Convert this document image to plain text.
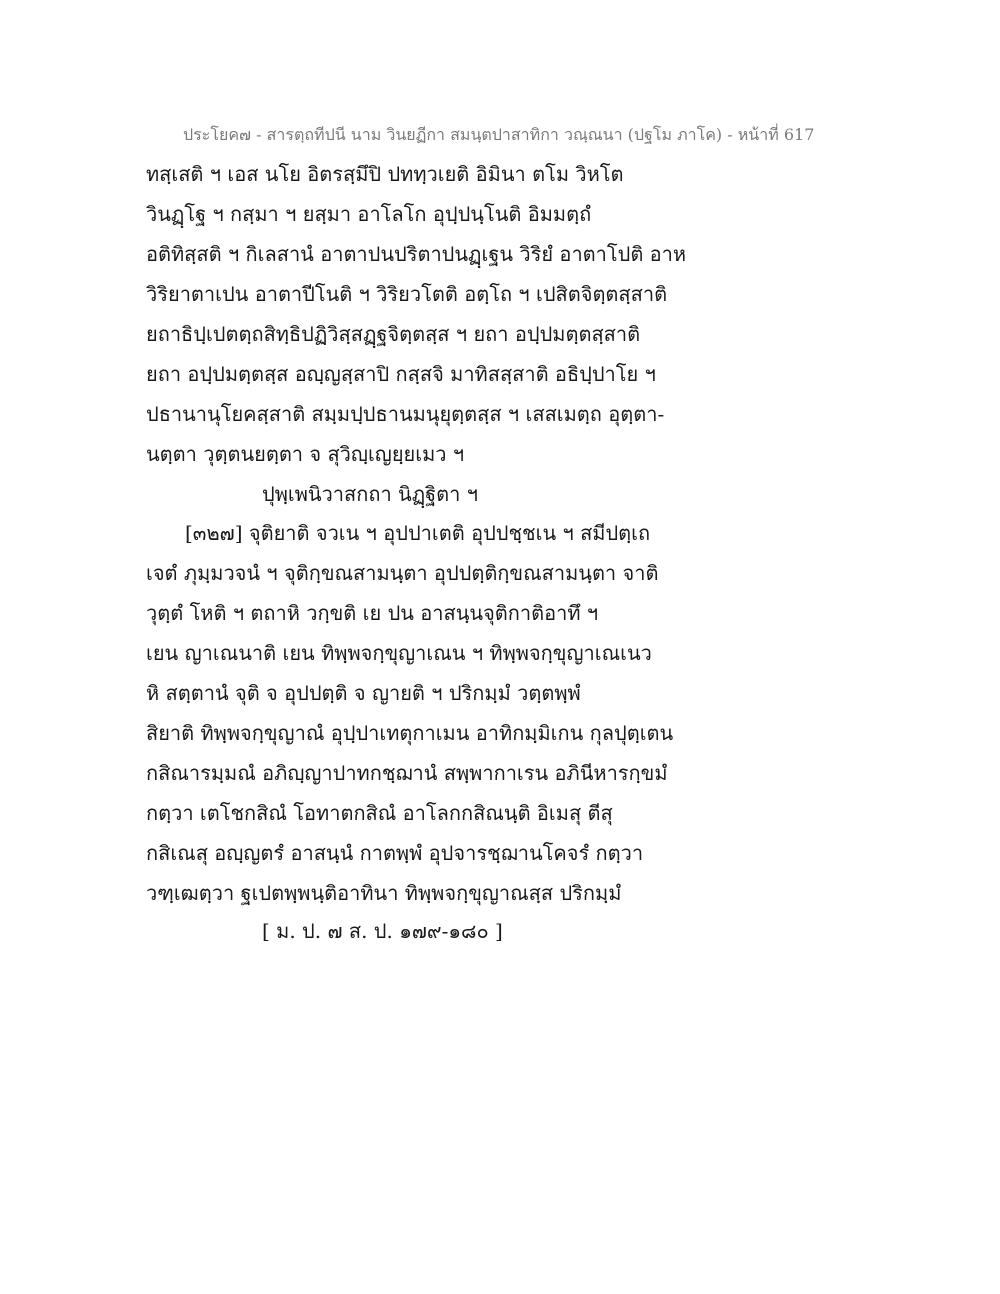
ประโยค๗ - สารตฺถทีปนี นาม วินยฏีกา สมนฺตปาสาทิกา วณฺณนา (ปฐโม ภาโค) - หน้าที่ 617
ทสฺเสติ ฯ เอส นโย อิตรสฺมึปิ ปททฺวเยติ อิมินา ตโม วิหโต
วินฏฺโฐ ฯ กสฺมา ฯ ยสฺมา อาโลโก อุปฺปนฺโนติ อิมมตฺถํ
อติทิสฺสติ ฯ กิเลสานํ อาตาปนปริตาปนฏฺเฐน วิริยํ อาตาโปติ อาห
วิริยาตาเปน อาตาปีโนติ ฯ วิริยวโตติ อตฺโถ ฯ เปสิตจิตฺตสฺสาติ
ยถาธิปฺเปตตฺถสิทฺธิปฏิวิสฺสฏฺฐจิตฺตสฺส ฯ ยถา อปฺปมตฺตสฺสาติ
ยถา อปฺปมตฺตสฺส อญฺญสฺสาปิ กสฺสจิ มาทิสสฺสาติ อธิปฺปาโย ฯ
ปธานานุโยคสฺสาติ สมฺมปฺปธานมนุยุตฺตสฺส ฯ เสสเมตฺถ อุตฺตา-
นตฺตา วุตฺตนยตฺตา จ สุวิญฺเญยฺยเมว ฯ
ปุพฺเพนิวาสกถา นิฏฺฐิตา ฯ
[๓๒๗] จุติยาติ จวเน ฯ อุปปาเตติ อุปปชฺชเน ฯ สมีปตฺเถ
เจตํ ภุมฺมวจนํ ฯ จุติกฺขณสามนฺตา อุปปตฺติกฺขณสามนฺตา จาติ
วุตฺตํ โหติ ฯ ตถาหิ วกฺขติ เย ปน อาสนฺนจุติกาติอาทึ ฯ
เยน ญาเณนาติ เยน ทิพฺพจกฺขุญาเณน ฯ ทิพฺพจกฺขุญาเณเนว
หิ สตฺตานํ จุติ จ อุปปตฺติ จ ญายติ ฯ ปริกมฺมํ วตฺตพฺพํ
สิยาติ ทิพฺพจกฺขุญาณํ อุปฺปาเทตุกาเมน อาทิกมฺมิเกน กุลปุตฺเตน
กสิณารมฺมณํ อภิญฺญาปาทกชฺฌานํ สพฺพากาเรน อภินีหารกฺขมํ
กตฺวา เตโชกสิณํ โอทาตกสิณํ อาโลกกสิณนฺติ อิเมสุ ตีสุ
กสิเณสุ อญฺญตรํ อาสนฺนํ กาตพฺพํ อุปจารชฺฌานโคจรํ กตฺวา
วฑฺเฒตฺวา ฐเปตพฺพนฺติอาทินา ทิพฺพจกฺขุญาณสฺส ปริกมฺมํ
[ ม. ป. ๗ ส. ป. ๑๗๙-๑๘๐ ]
